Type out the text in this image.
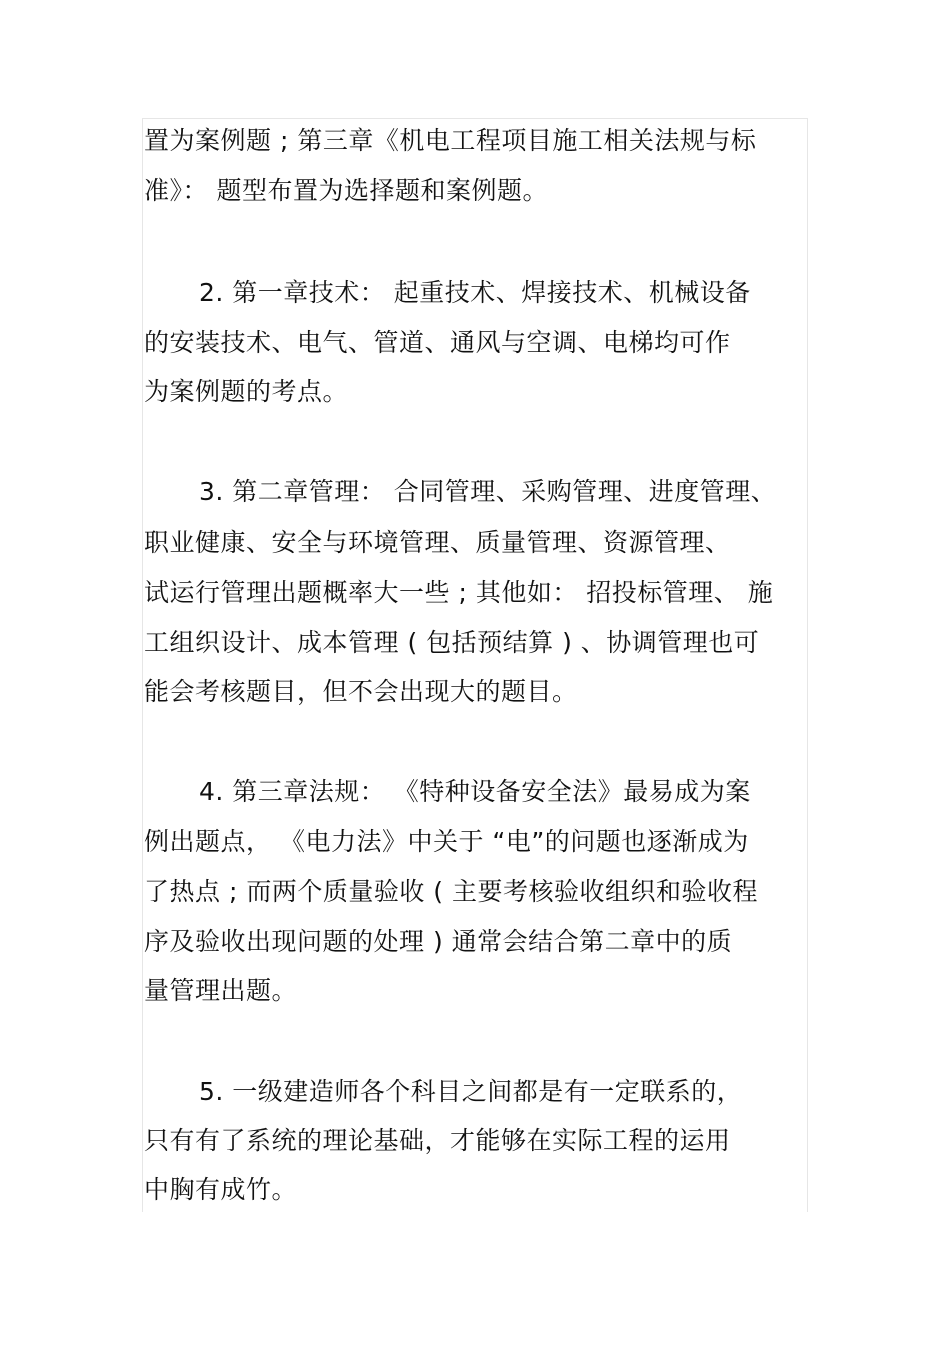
置为案例题 ; 第三章《机电工程项目施工相关法规与标
准》： 题型布置为选择题和案例题。
2. 第一章技术： 起重技术、焊接技术、机械设备
的安装技术、电气、管道、通风与空调、电梯均可作
为案例题的考点。
3. 第二章管理： 合同管理、采购管理、进度管理、
职业健康、安全与环境管理、质量管理、资源管理、
试运行管理出题概率大一些 ; 其他如： 招投标管理、 施
工组织设计、成本管理 ( 包括预结算 ) 、协调管理也可
能会考核题目，但不会出现大的题目。
4. 第三章法规： 《特种设备安全法》最易成为案
例出题点， 《电力法》中关于 “电”的问题也逐渐成为
了热点 ; 而两个质量验收 ( 主要考核验收组织和验收程
序及验收出现问题的处理 ) 通常会结合第二章中的质
量管理出题。
5. 一级建造师各个科目之间都是有一定联系的，
只有有了系统的理论基础，才能够在实际工程的运用
中胸有成竹。
